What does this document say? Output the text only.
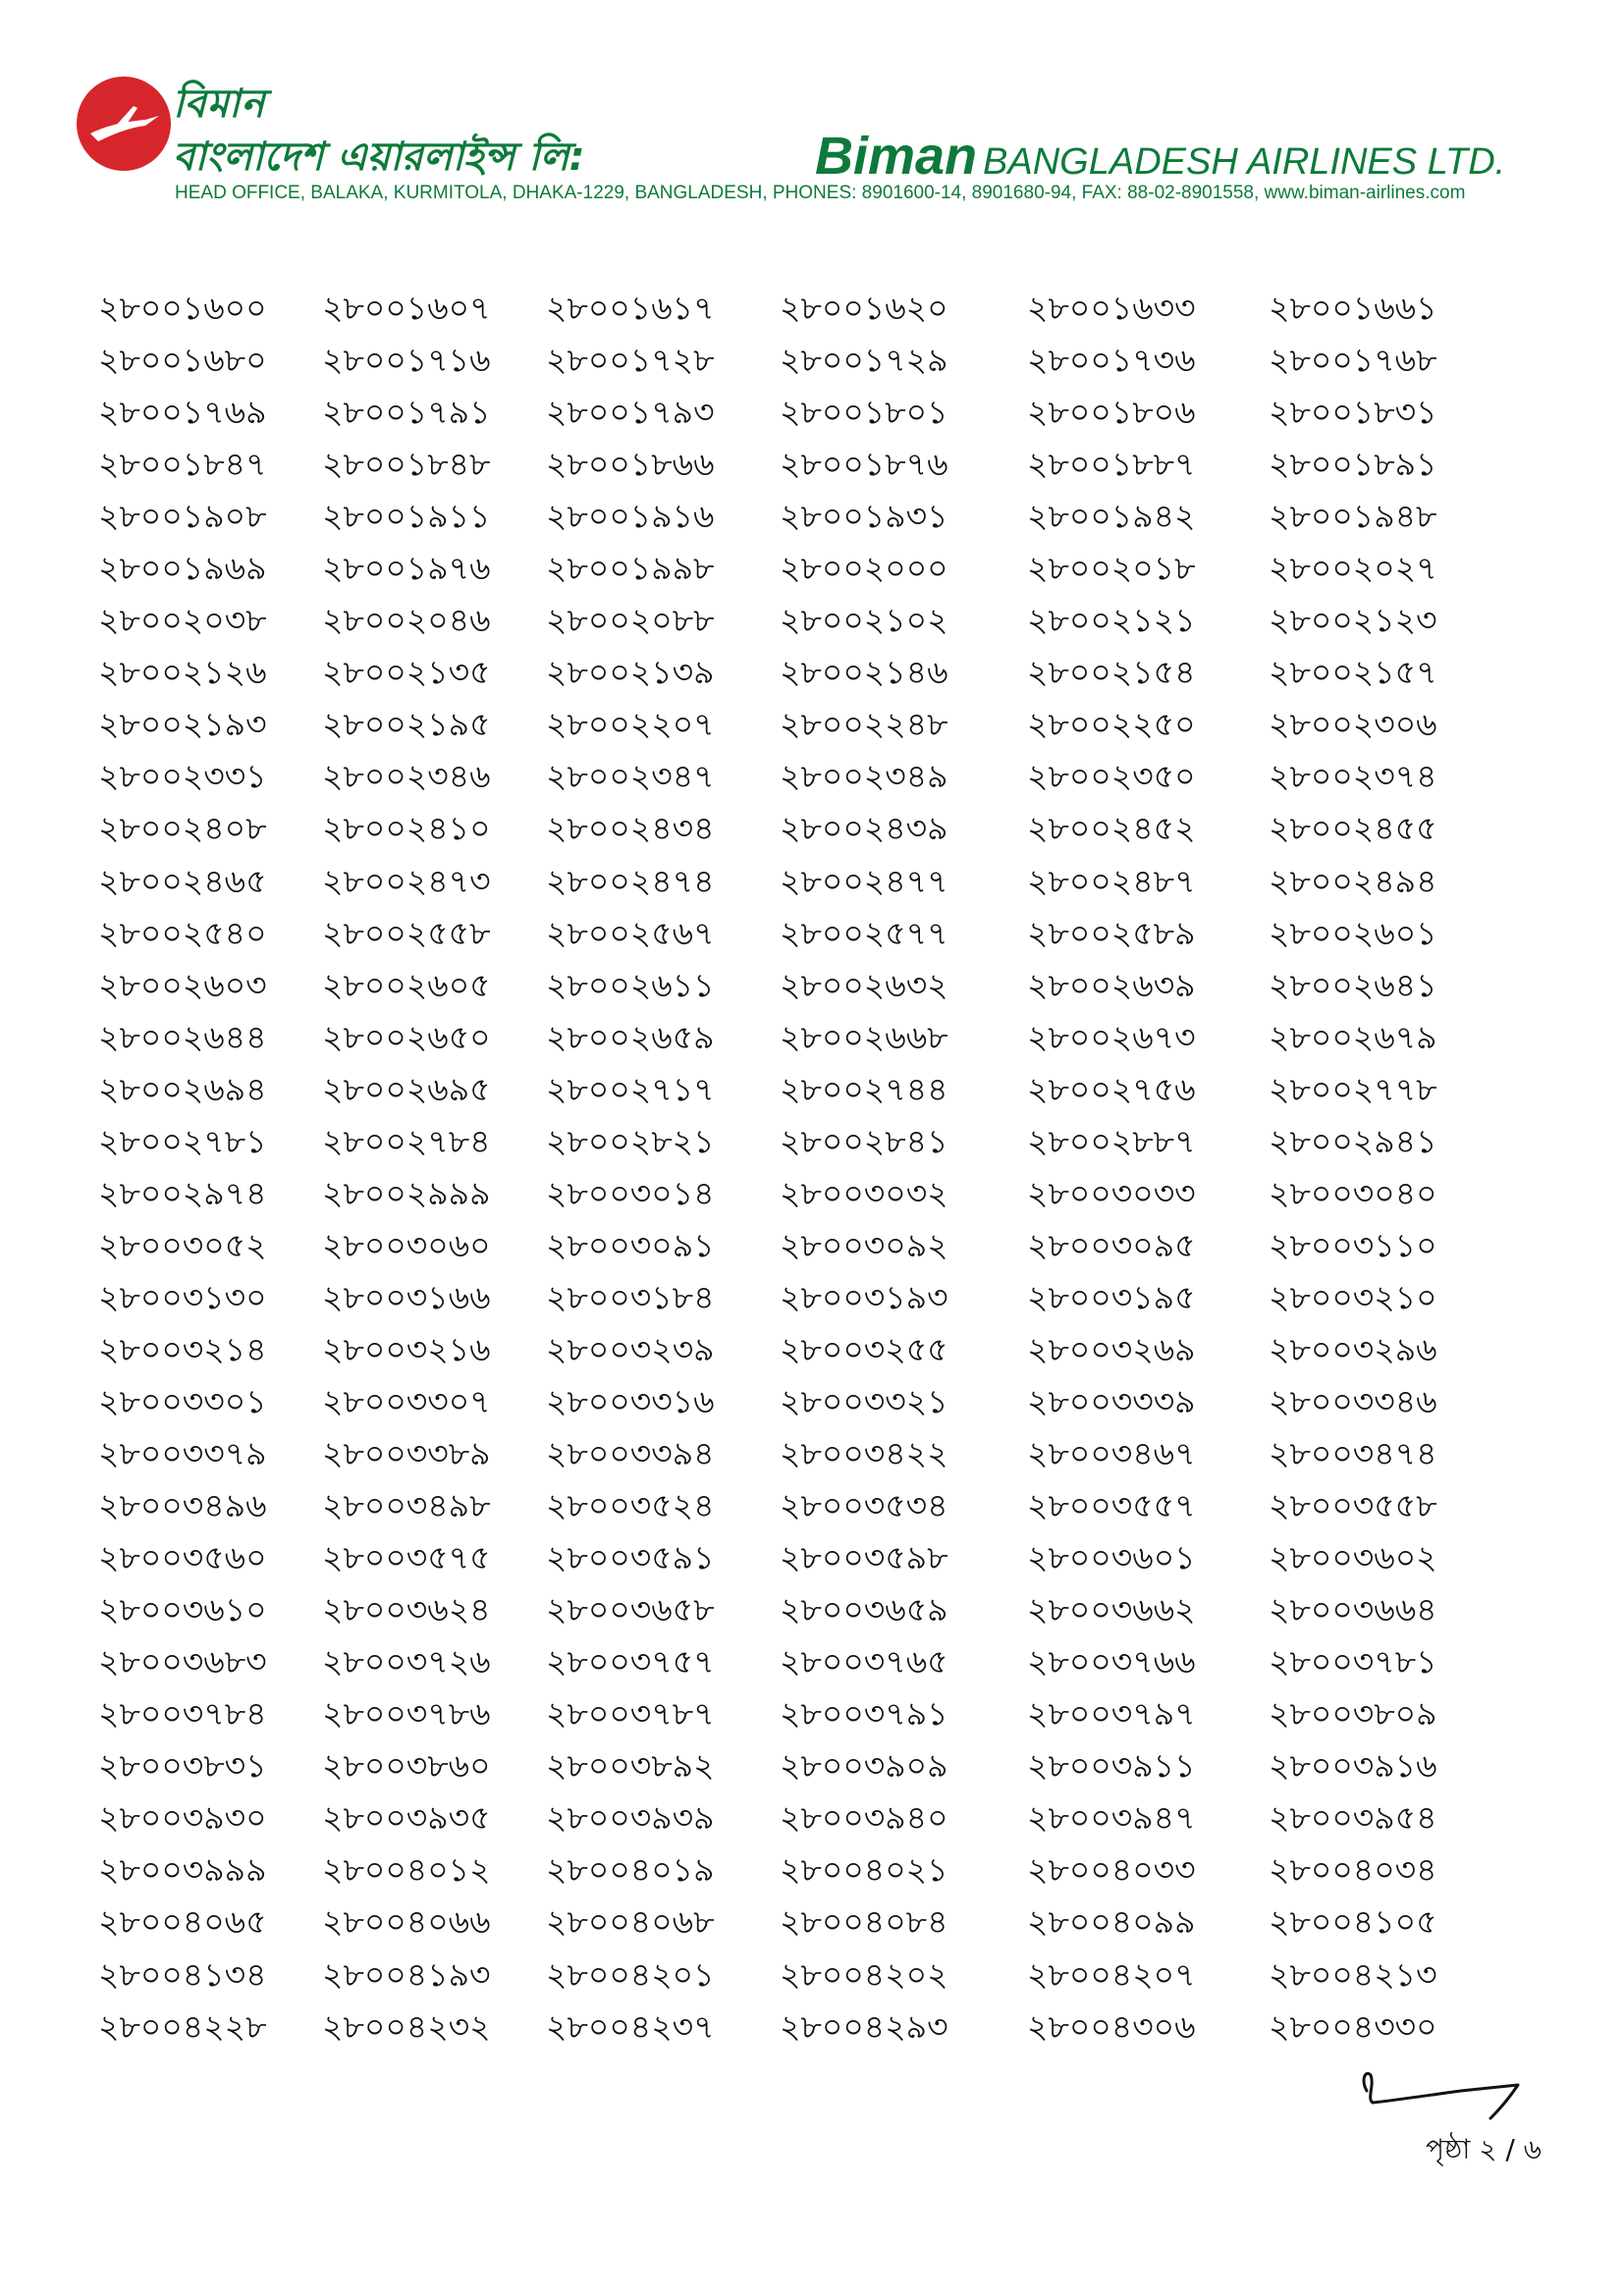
বিমান
বাংলাদেশ এয়ারলাইন্স লি:	Biman BANGLADESH AIRLINES LTD.
HEAD OFFICE, BALAKA, KURMITOLA, DHAKA-1229, BANGLADESH, PHONES: 8901600-14, 8901680-94, FAX: 88-02-8901558, www.biman-airlines.com
২৮০০১৬০০	২৮০০১৬০৭	২৮০০১৬১৭	২৮০০১৬২০	২৮০০১৬৩৩	২৮০০১৬৬১
২৮০০১৬৮০	২৮০০১৭১৬	২৮০০১৭২৮	২৮০০১৭২৯	২৮০০১৭৩৬	২৮০০১৭৬৮
২৮০০১৭৬৯	২৮০০১৭৯১	২৮০০১৭৯৩	২৮০০১৮০১	২৮০০১৮০৬	২৮০০১৮৩১
২৮০০১৮৪৭	২৮০০১৮৪৮	২৮০০১৮৬৬	২৮০০১৮৭৬	২৮০০১৮৮৭	২৮০০১৮৯১
২৮০০১৯০৮	২৮০০১৯১১	২৮০০১৯১৬	২৮০০১৯৩১	২৮০০১৯৪২	২৮০০১৯৪৮
২৮০০১৯৬৯	২৮০০১৯৭৬	২৮০০১৯৯৮	২৮০০২০০০	২৮০০২০১৮	২৮০০২০২৭
২৮০০২০৩৮	২৮০০২০৪৬	২৮০০২০৮৮	২৮০০২১০২	২৮০০২১২১	২৮০০২১২৩
২৮০০২১২৬	২৮০০২১৩৫	২৮০০২১৩৯	২৮০০২১৪৬	২৮০০২১৫৪	২৮০০২১৫৭
২৮০০২১৯৩	২৮০০২১৯৫	২৮০০২২০৭	২৮০০২২৪৮	২৮০০২২৫০	২৮০০২৩০৬
২৮০০২৩৩১	২৮০০২৩৪৬	২৮০০২৩৪৭	২৮০০২৩৪৯	২৮০০২৩৫০	২৮০০২৩৭৪
২৮০০২৪০৮	২৮০০২৪১০	২৮০০২৪৩৪	২৮০০২৪৩৯	২৮০০২৪৫২	২৮০০২৪৫৫
২৮০০২৪৬৫	২৮০০২৪৭৩	২৮০০২৪৭৪	২৮০০২৪৭৭	২৮০০২৪৮৭	২৮০০২৪৯৪
২৮০০২৫৪০	২৮০০২৫৫৮	২৮০০২৫৬৭	২৮০০২৫৭৭	২৮০০২৫৮৯	২৮০০২৬০১
২৮০০২৬০৩	২৮০০২৬০৫	২৮০০২৬১১	২৮০০২৬৩২	২৮০০২৬৩৯	২৮০০২৬৪১
২৮০০২৬৪৪	২৮০০২৬৫০	২৮০০২৬৫৯	২৮০০২৬৬৮	২৮০০২৬৭৩	২৮০০২৬৭৯
২৮০০২৬৯৪	২৮০০২৬৯৫	২৮০০২৭১৭	২৮০০২৭৪৪	২৮০০২৭৫৬	২৮০০২৭৭৮
২৮০০২৭৮১	২৮০০২৭৮৪	২৮০০২৮২১	২৮০০২৮৪১	২৮০০২৮৮৭	২৮০০২৯৪১
২৮০০২৯৭৪	২৮০০২৯৯৯	২৮০০৩০১৪	২৮০০৩০৩২	২৮০০৩০৩৩	২৮০০৩০৪০
২৮০০৩০৫২	২৮০০৩০৬০	২৮০০৩০৯১	২৮০০৩০৯২	২৮০০৩০৯৫	২৮০০৩১১০
২৮০০৩১৩০	২৮০০৩১৬৬	২৮০০৩১৮৪	২৮০০৩১৯৩	২৮০০৩১৯৫	২৮০০৩২১০
২৮০০৩২১৪	২৮০০৩২১৬	২৮০০৩২৩৯	২৮০০৩২৫৫	২৮০০৩২৬৯	২৮০০৩২৯৬
২৮০০৩৩০১	২৮০০৩৩০৭	২৮০০৩৩১৬	২৮০০৩৩২১	২৮০০৩৩৩৯	২৮০০৩৩৪৬
২৮০০৩৩৭৯	২৮০০৩৩৮৯	২৮০০৩৩৯৪	২৮০০৩৪২২	২৮০০৩৪৬৭	২৮০০৩৪৭৪
২৮০০৩৪৯৬	২৮০০৩৪৯৮	২৮০০৩৫২৪	২৮০০৩৫৩৪	২৮০০৩৫৫৭	২৮০০৩৫৫৮
২৮০০৩৫৬০	২৮০০৩৫৭৫	২৮০০৩৫৯১	২৮০০৩৫৯৮	২৮০০৩৬০১	২৮০০৩৬০২
২৮০০৩৬১০	২৮০০৩৬২৪	২৮০০৩৬৫৮	২৮০০৩৬৫৯	২৮০০৩৬৬২	২৮০০৩৬৬৪
২৮০০৩৬৮৩	২৮০০৩৭২৬	২৮০০৩৭৫৭	২৮০০৩৭৬৫	২৮০০৩৭৬৬	২৮০০৩৭৮১
২৮০০৩৭৮৪	২৮০০৩৭৮৬	২৮০০৩৭৮৭	২৮০০৩৭৯১	২৮০০৩৭৯৭	২৮০০৩৮০৯
২৮০০৩৮৩১	২৮০০৩৮৬০	২৮০০৩৮৯২	২৮০০৩৯০৯	২৮০০৩৯১১	২৮০০৩৯১৬
২৮০০৩৯৩০	২৮০০৩৯৩৫	২৮০০৩৯৩৯	২৮০০৩৯৪০	২৮০০৩৯৪৭	২৮০০৩৯৫৪
২৮০০৩৯৯৯	২৮০০৪০১২	২৮০০৪০১৯	২৮০০৪০২১	২৮০০৪০৩৩	২৮০০৪০৩৪
২৮০০৪০৬৫	২৮০০৪০৬৬	২৮০০৪০৬৮	২৮০০৪০৮৪	২৮০০৪০৯৯	২৮০০৪১০৫
২৮০০৪১৩৪	২৮০০৪১৯৩	২৮০০৪২০১	২৮০০৪২০২	২৮০০৪২০৭	২৮০০৪২১৩
২৮০০৪২২৮	২৮০০৪২৩২	২৮০০৪২৩৭	২৮০০৪২৯৩	২৮০০৪৩০৬	২৮০০৪৩৩০
পৃষ্ঠা ২ / ৬
